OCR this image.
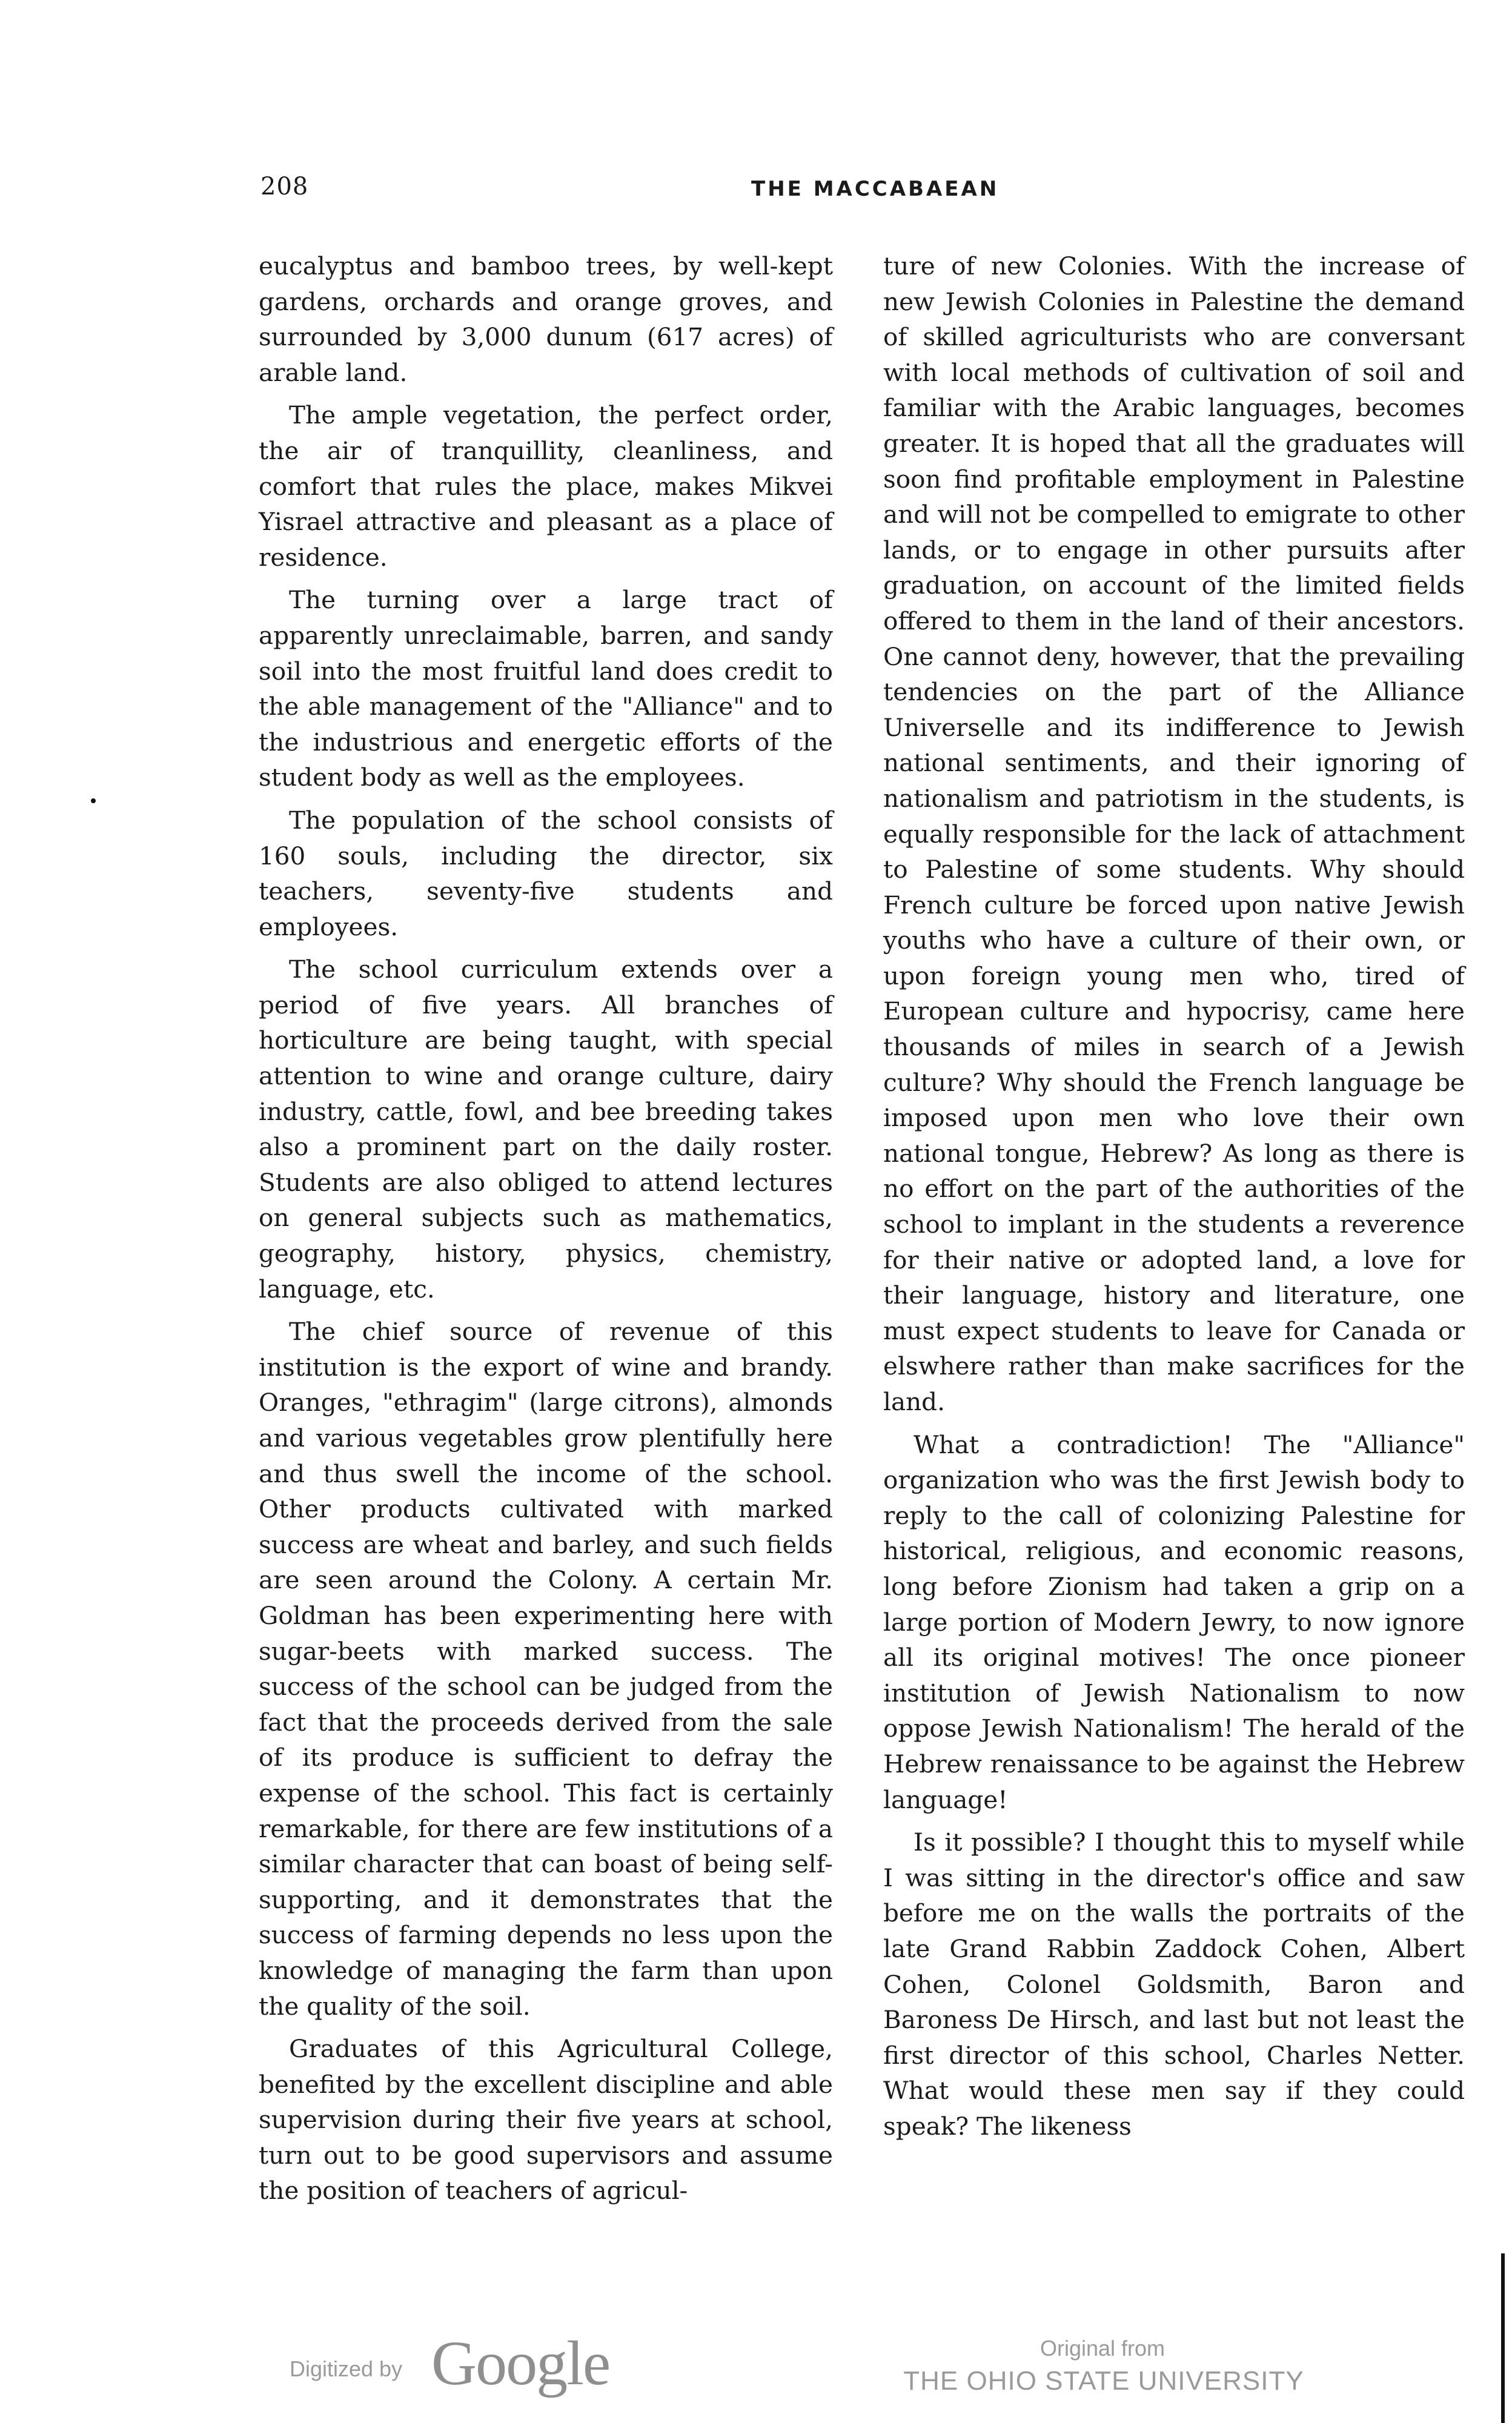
208	THE MACCABAEAN

eucalyptus and bamboo trees, by well-kept gardens, orchards and orange groves, and surrounded by 3,000 dunum (617 acres) of arable land.

The ample vegetation, the perfect order, the air of tranquillity, cleanliness, and comfort that rules the place, makes Mikvei Yisrael attractive and pleasant as a place of residence.

The turning over a large tract of apparently unreclaimable, barren, and sandy soil into the most fruitful land does credit to the able management of the "Alliance" and to the industrious and energetic efforts of the student body as well as the employees.

The population of the school consists of 160 souls, including the director, six teachers, seventy-five students and employees.

The school curriculum extends over a period of five years. All branches of horticulture are being taught, with special attention to wine and orange culture, dairy industry, cattle, fowl, and bee breeding takes also a prominent part on the daily roster. Students are also obliged to attend lectures on general subjects such as mathematics, geography, history, physics, chemistry, language, etc.

The chief source of revenue of this institution is the export of wine and brandy. Oranges, "ethragim" (large citrons), almonds and various vegetables grow plentifully here and thus swell the income of the school. Other products cultivated with marked success are wheat and barley, and such fields are seen around the Colony. A certain Mr. Goldman has been experimenting here with sugar-beets with marked success. The success of the school can be judged from the fact that the proceeds derived from the sale of its produce is sufficient to defray the expense of the school. This fact is certainly remarkable, for there are few institutions of a similar character that can boast of being self-supporting, and it demonstrates that the success of farming depends no less upon the knowledge of managing the farm than upon the quality of the soil.

Graduates of this Agricultural College, benefited by the excellent discipline and able supervision during their five years at school, turn out to be good supervisors and assume the position of teachers of agricul-

ture of new Colonies. With the increase of new Jewish Colonies in Palestine the demand of skilled agriculturists who are conversant with local methods of cultivation of soil and familiar with the Arabic languages, becomes greater. It is hoped that all the graduates will soon find profitable employment in Palestine and will not be compelled to emigrate to other lands, or to engage in other pursuits after graduation, on account of the limited fields offered to them in the land of their ancestors. One cannot deny, however, that the prevailing tendencies on the part of the Alliance Universelle and its indifference to Jewish national sentiments, and their ignoring of nationalism and patriotism in the students, is equally responsible for the lack of attachment to Palestine of some students. Why should French culture be forced upon native Jewish youths who have a culture of their own, or upon foreign young men who, tired of European culture and hypocrisy, came here thousands of miles in search of a Jewish culture? Why should the French language be imposed upon men who love their own national tongue, Hebrew? As long as there is no effort on the part of the authorities of the school to implant in the students a reverence for their native or adopted land, a love for their language, history and literature, one must expect students to leave for Canada or elswhere rather than make sacrifices for the land.

What a contradiction! The "Alliance" organization who was the first Jewish body to reply to the call of colonizing Palestine for historical, religious, and economic reasons, long before Zionism had taken a grip on a large portion of Modern Jewry, to now ignore all its original motives! The once pioneer institution of Jewish Nationalism to now oppose Jewish Nationalism! The herald of the Hebrew renaissance to be against the Hebrew language!

Is it possible? I thought this to myself while I was sitting in the director's office and saw before me on the walls the portraits of the late Grand Rabbin Zaddock Cohen, Albert Cohen, Colonel Goldsmith, Baron and Baroness De Hirsch, and last but not least the first director of this school, Charles Netter. What would these men say if they could speak? The likeness

Digitized by Google	Original from
THE OHIO STATE UNIVERSITY
